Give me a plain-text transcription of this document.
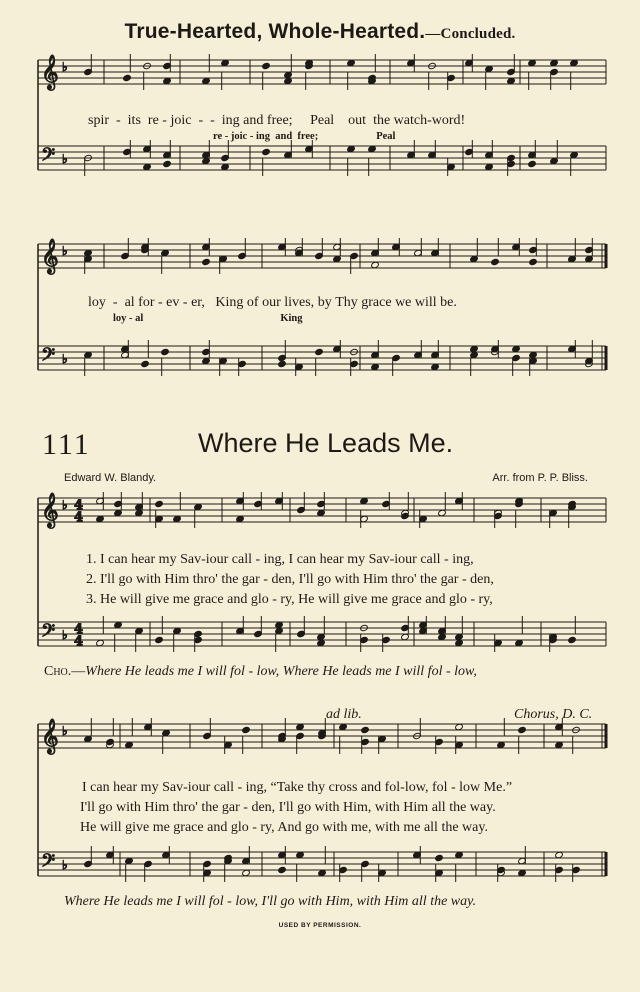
True-Hearted, Whole-Hearted.—Concluded.
𝄞
𝄢
♭
♭
𝄞
𝄢
♭
♭
𝄞
𝄢
♭
♭
4
4
4
4
𝄞
𝄢
♭
♭
spir  -  its re - joic  -  -  ing and free; Peal out the watch-word!
re - joic - ing and free;	Peal
loy  -  al for - ev - er, King of our lives, by Thy grace we will be.
loy - al	King
111	Where He Leads Me.
Edward W. Blandy.	Arr. from P. P. Bliss.
1. I can hear my Sav-iour call - ing, I can hear my Sav-iour call - ing,
2. I'll go with Him thro' the gar - den, I'll go with Him thro' the gar - den,
3. He will give me grace and glo - ry, He will give me grace and glo - ry,
Cho.—Where He leads me I will fol - low, Where He leads me I will fol - low,
ad lib.	Chorus, D. C.
I can hear my Sav-iour call - ing, “Take thy cross and fol-low, fol - low Me.”
I'll go with Him thro' the gar - den, I'll go with Him, with Him all the way.
He will give me grace and glo - ry, And go with me, with me all the way.
Where He leads me I will fol - low, I'll go with Him, with Him all the way.
USED BY PERMISSION.
